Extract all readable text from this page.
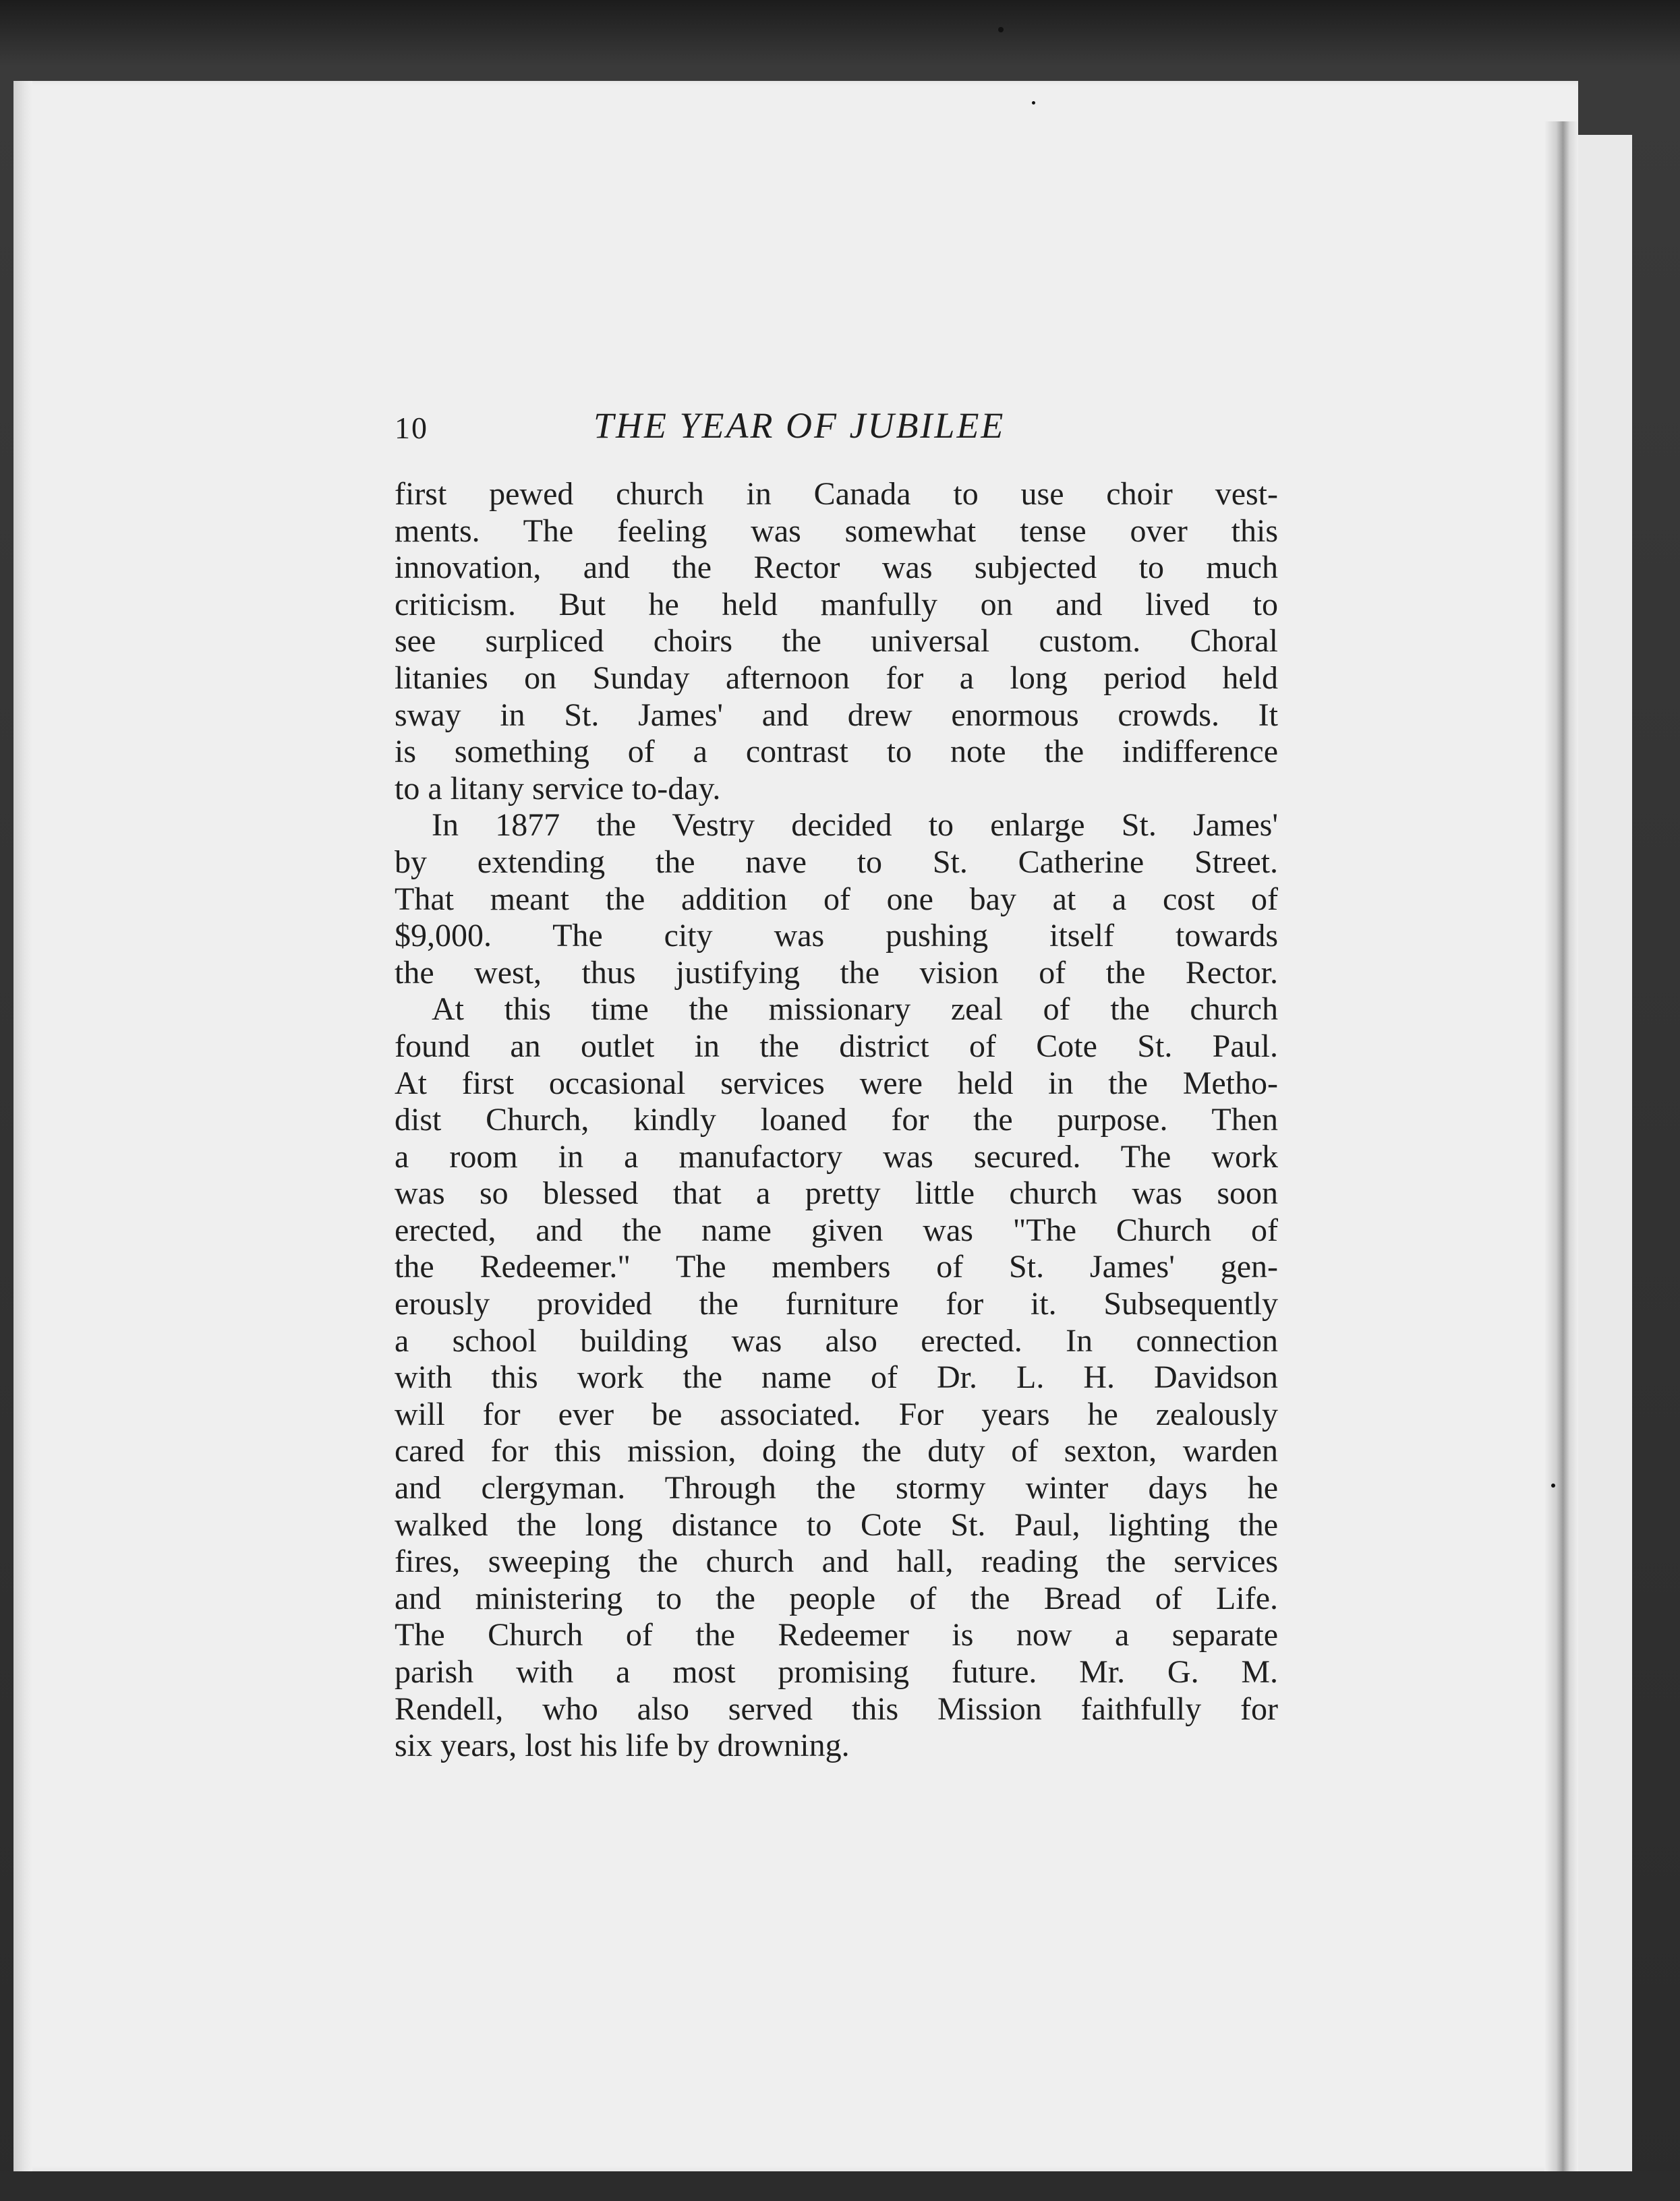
10	THE YEAR OF JUBILEE
first pewed church in Canada to use choir vest-
ments. The feeling was somewhat tense over this
innovation, and the Rector was subjected to much
criticism. But he held manfully on and lived to
see surpliced choirs the universal custom. Choral
litanies on Sunday afternoon for a long period held
sway in St. James' and drew enormous crowds. It
is something of a contrast to note the indifference
to a litany service to-day.
In 1877 the Vestry decided to enlarge St. James'
by extending the nave to St. Catherine Street.
That meant the addition of one bay at a cost of
$9,000. The city was pushing itself towards
the west, thus justifying the vision of the Rector.
At this time the missionary zeal of the church
found an outlet in the district of Cote St. Paul.
At first occasional services were held in the Metho-
dist Church, kindly loaned for the purpose. Then
a room in a manufactory was secured. The work
was so blessed that a pretty little church was soon
erected, and the name given was "The Church of
the Redeemer." The members of St. James' gen-
erously provided the furniture for it. Subsequently
a school building was also erected. In connection
with this work the name of Dr. L. H. Davidson
will for ever be associated. For years he zealously
cared for this mission, doing the duty of sexton, warden
and clergyman. Through the stormy winter days he
walked the long distance to Cote St. Paul, lighting the
fires, sweeping the church and hall, reading the services
and ministering to the people of the Bread of Life.
The Church of the Redeemer is now a separate
parish with a most promising future. Mr. G. M.
Rendell, who also served this Mission faithfully for
six years, lost his life by drowning.
